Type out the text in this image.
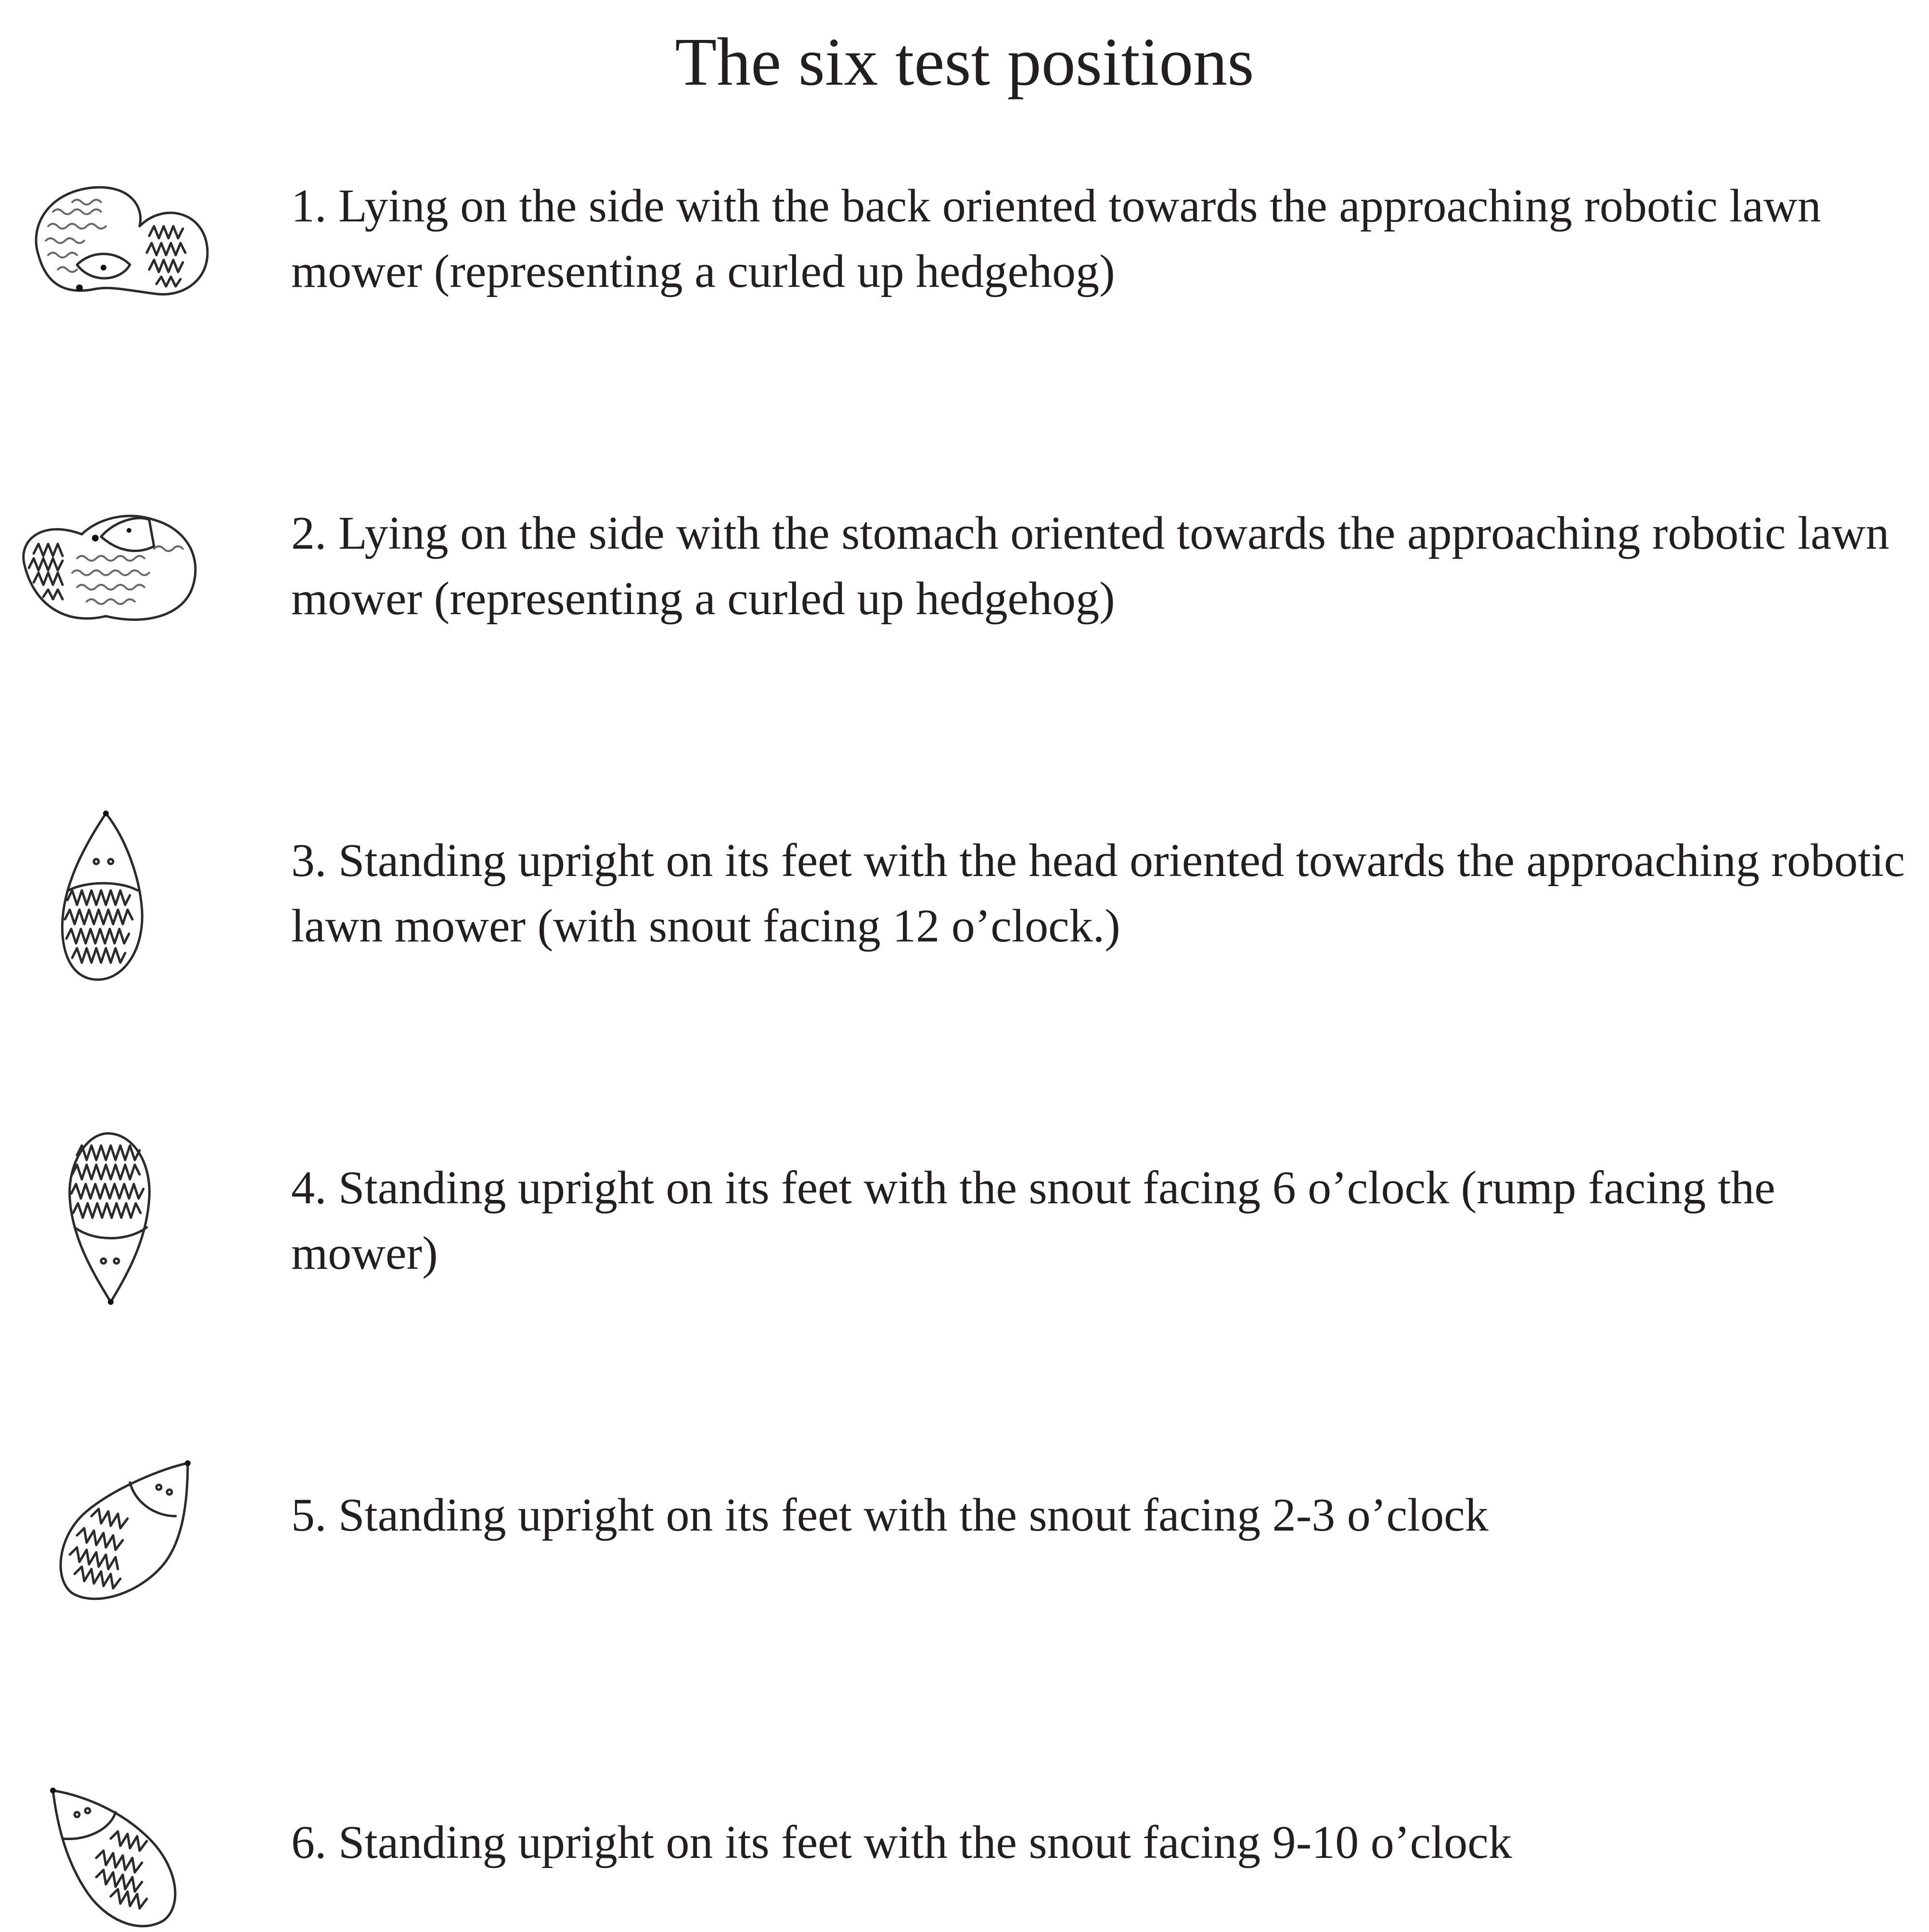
The six test positions

1. Lying on the side with the back oriented towards the approaching robotic lawn mower (representing a curled up hedgehog)

2. Lying on the side with the stomach oriented towards the approaching robotic lawn mower (representing a curled up hedgehog)

3. Standing upright on its feet with the head oriented towards the approaching robotic lawn mower (with snout facing 12 o’clock.)

4. Standing upright on its feet with the snout facing 6 o’clock (rump facing the mower)

5. Standing upright on its feet with the snout facing 2-3 o’clock

6. Standing upright on its feet with the snout facing 9-10 o’clock
